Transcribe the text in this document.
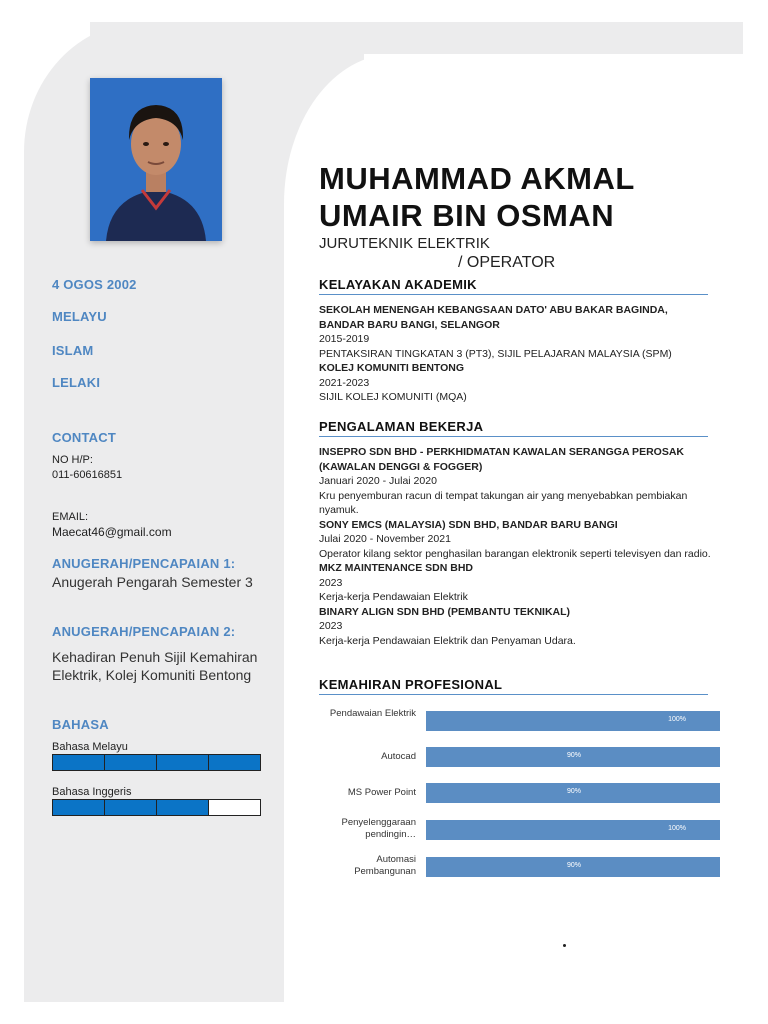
4 OGOS 2002
MELAYU
ISLAM
LELAKI
CONTACT
NO H/P:
011-60616851
EMAIL:
Maecat46@gmail.com
ANUGERAH/PENCAPAIAN 1:
Anugerah Pengarah Semester 3
ANUGERAH/PENCAPAIAN 2:
Kehadiran Penuh Sijil Kemahiran Elektrik, Kolej Komuniti Bentong
BAHASA
Bahasa Melayu
Bahasa Inggeris
MUHAMMAD AKMAL
UMAIR BIN OSMAN
JURUTEKNIK ELEKTRIK
/ OPERATOR
KELAYAKAN AKADEMIK
SEKOLAH MENENGAH KEBANGSAAN DATO' ABU BAKAR BAGINDA,
BANDAR BARU BANGI, SELANGOR
2015-2019
PENTAKSIRAN TINGKATAN 3 (PT3), SIJIL PELAJARAN MALAYSIA (SPM)
KOLEJ KOMUNITI BENTONG
2021-2023
SIJIL KOLEJ KOMUNITI (MQA)
PENGALAMAN BEKERJA
INSEPRO SDN BHD - PERKHIDMATAN KAWALAN SERANGGA PEROSAK (KAWALAN DENGGI & FOGGER)
Januari 2020 - Julai 2020
Kru penyemburan racun di tempat takungan air yang menyebabkan pembiakan nyamuk.
SONY EMCS (MALAYSIA) SDN BHD, BANDAR BARU BANGI
Julai 2020 - November 2021
Operator kilang sektor penghasilan barangan elektronik seperti televisyen dan radio.
MKZ MAINTENANCE SDN BHD
2023
Kerja-kerja Pendawaian Elektrik
BINARY ALIGN SDN BHD (PEMBANTU TEKNIKAL)
2023
Kerja-kerja Pendawaian Elektrik dan Penyaman Udara.
KEMAHIRAN PROFESIONAL
Pendawaian Elektrik
100%
Autocad	90%
MS Power Point	90%
Penyelenggaraan pendingin…
100%
Automasi Pembangunan
90%
